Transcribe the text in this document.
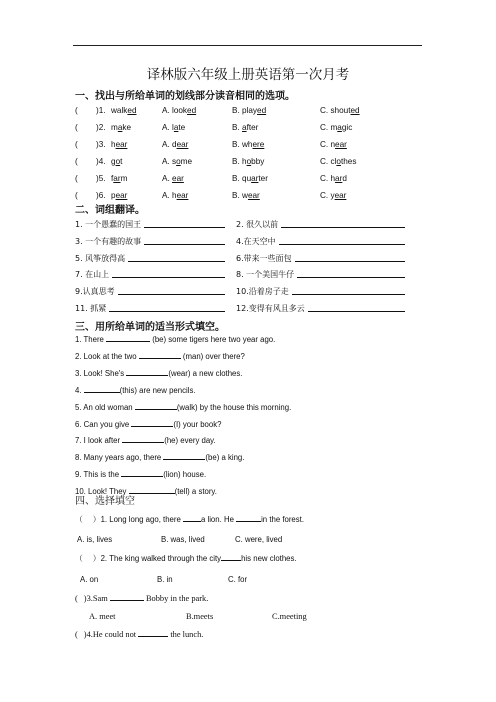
译林版六年级上册英语第一次月考
一、找出与所给单词的划线部分读音相同的选项。
( )1. walked	A. looked	B. played	C. shouted
( )2. make	A. late	B. after	C. magic
( )3. hear	A. dear	B. where	C. near
( )4. got	A. some	B. hobby	C. clothes
( )5. farm	A. ear	B. quarter	C. hard
( )6. pear	A. hear	B. wear	C. year
二、词组翻译。
1. 一个愚蠢的国王	2. 很久以前
3. 一个有趣的故事	4.在天空中
5. 风筝放得高	6.带来一些面包
7. 在山上	8. 一个美国牛仔
9.认真思考	10.沿着房子走
11. 抓紧	12.变得有风且多云
三、用所给单词的适当形式填空。
1. There	(be) some tigers here two year ago.
2. Look at the two	(man) over there?
3. Look! She's	(wear) a new clothes.
4.	(this) are new pencils.
5. An old woman	(walk) by the house this morning.
6. Can you give	(I) your book?
7. I look after	(he) every day.
8. Many years ago, there	(be) a king.
9. This is the	(lion) house.
10. Look! They	(tell) a story.
四、选择填空
（ ）1. Long long ago, there a lion. He	in the forest.
A. is, lives	B. was, lived	C. were, lived
（ ）2. The king walked through the city	his new clothes.
A. on	B. in	C. for
( )3.Sam	Bobby in the park.
A. meet	B.meets	C.meeting
( )4.He could not	the lunch.
